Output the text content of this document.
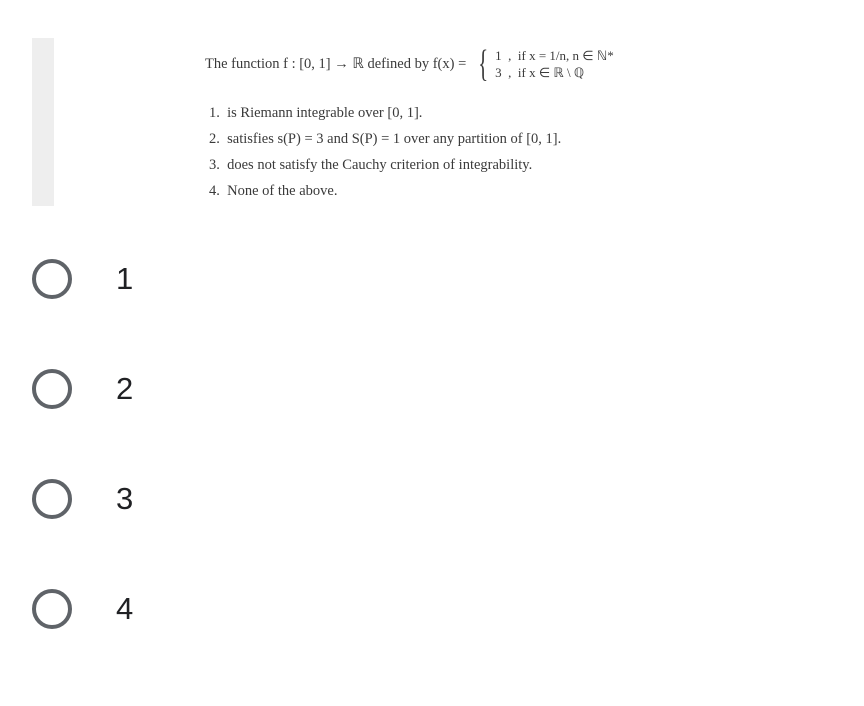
The function f : [0, 1] → ℝ defined by f(x) = { 1  ,  if x = 1/n, n ∈ ℕ*
3  ,  if x ∈ ℝ \ ℚ
1.  is Riemann integrable over [0, 1].
2.  satisfies s(P) = 3 and S(P) = 1 over any partition of [0, 1].
3.  does not satisfy the Cauchy criterion of integrability.
4.  None of the above.
1
2
3
4
